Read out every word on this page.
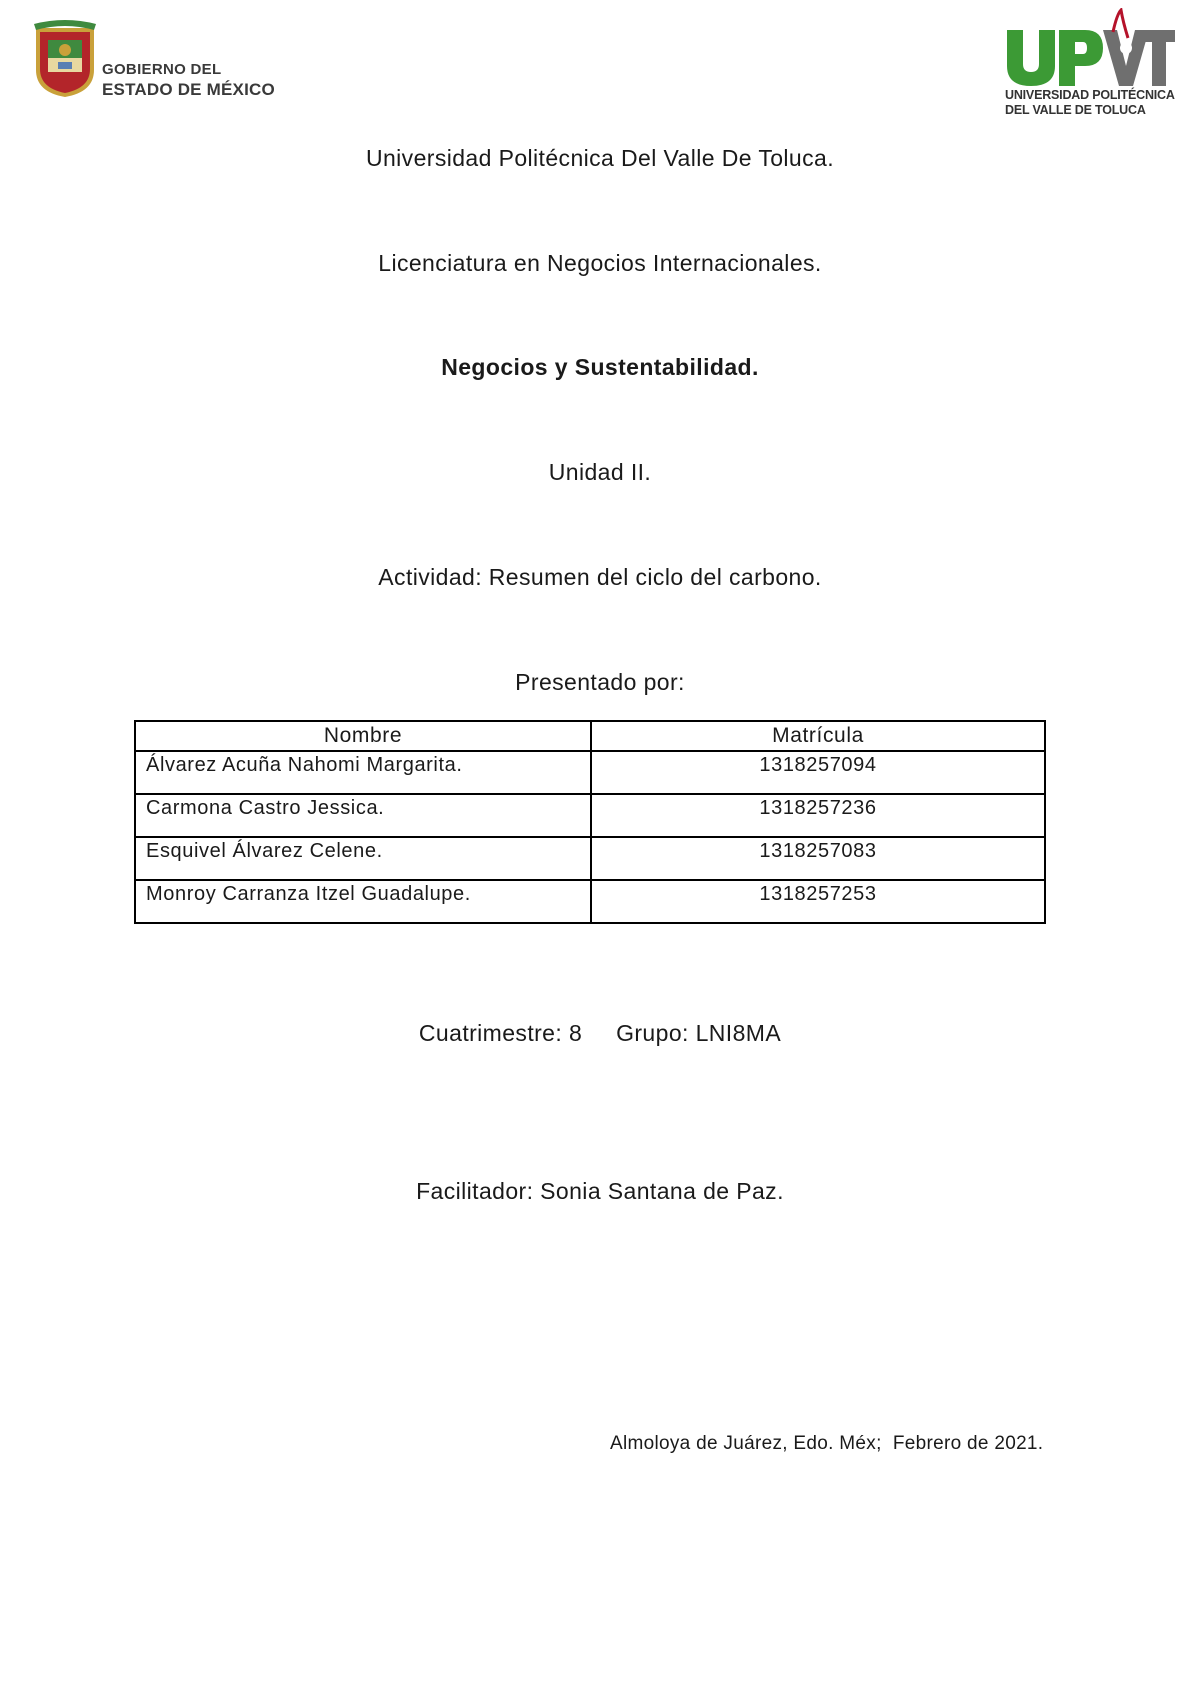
GOBIERNO DEL
ESTADO DE MÉXICO
UPVT
UNIVERSIDAD POLITÉCNICA
DEL VALLE DE TOLUCA
Universidad Politécnica Del Valle De Toluca.
Licenciatura en Negocios Internacionales.
Negocios y Sustentabilidad.
Unidad II.
Actividad: Resumen del ciclo del carbono.
Presentado por:
Nombre	Matrícula
Álvarez Acuña Nahomi Margarita.	1318257094
Carmona Castro Jessica.	1318257236
Esquivel Álvarez Celene.	1318257083
Monroy Carranza Itzel Guadalupe.	1318257253
Cuatrimestre: 8     Grupo: LNI8MA
Facilitador: Sonia Santana de Paz.
Almoloya de Juárez, Edo. Méx;  Febrero de 2021.
